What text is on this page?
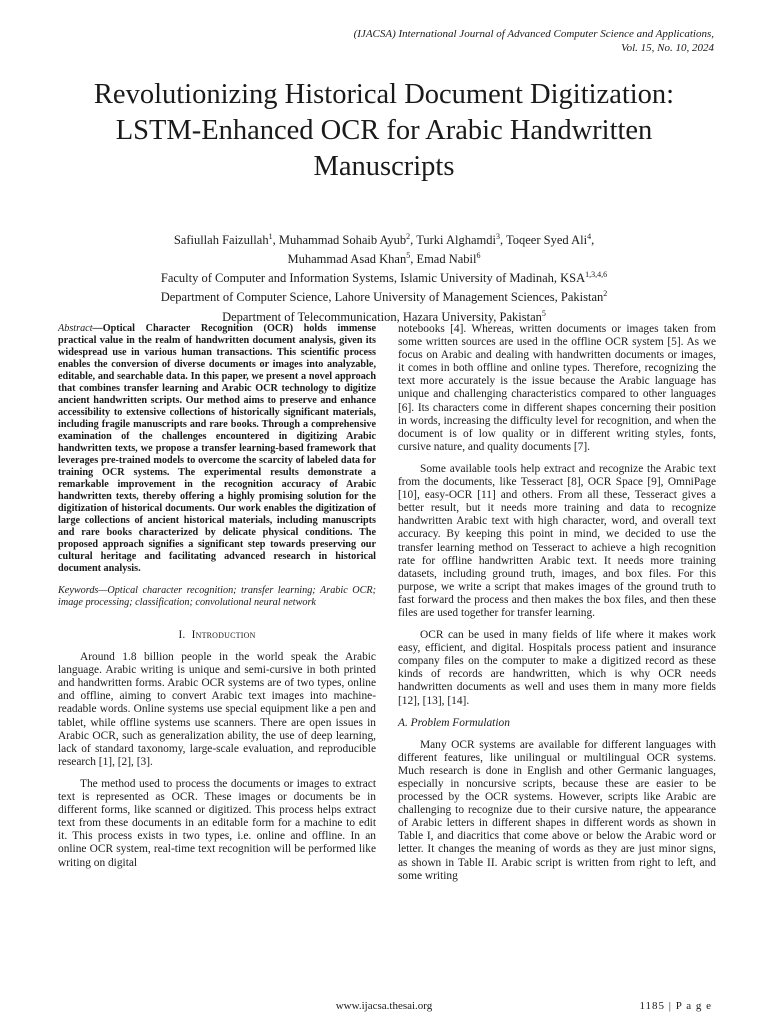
(IJACSA) International Journal of Advanced Computer Science and Applications,
Vol. 15, No. 10, 2024
Revolutionizing Historical Document Digitization:
LSTM-Enhanced OCR for Arabic Handwritten
Manuscripts
Safiullah Faizullah$^1$, Muhammad Sohaib Ayub$^2$, Turki Alghamdi$^3$, Toqeer Syed Ali$^4$,
Muhammad Asad Khan$^5$, Emad Nabil$^6$
Faculty of Computer and Information Systems, Islamic University of Madinah, KSA$^{1,3,4,6}$
Department of Computer Science, Lahore University of Management Sciences, Pakistan$^2$
Department of Telecommunication, Hazara University, Pakistan$^5$

Abstract—Optical Character Recognition (OCR) holds immense practical value in the realm of handwritten document analysis, given its widespread use in various human transactions. This scientific process enables the conversion of diverse documents or images into analyzable, editable, and searchable data. In this paper, we present a novel approach that combines transfer learning and Arabic OCR technology to digitize ancient handwritten scripts. Our method aims to preserve and enhance accessibility to extensive collections of historically significant materials, including fragile manuscripts and rare books. Through a comprehensive examination of the challenges encountered in digitizing Arabic handwritten texts, we propose a transfer learning-based framework that leverages pre-trained models to overcome the scarcity of labeled data for training OCR systems. The experimental results demonstrate a remarkable improvement in the recognition accuracy of Arabic handwritten texts, thereby offering a highly promising solution for the digitization of historical documents. Our work enables the digitization of large collections of ancient historical materials, including manuscripts and rare books characterized by delicate physical conditions. The proposed approach signifies a significant step towards preserving our cultural heritage and facilitating advanced research in historical document analysis.

Keywords—Optical character recognition; transfer learning; Arabic OCR; image processing; classification; convolutional neural network

I. Introduction

Around 1.8 billion people in the world speak the Arabic language. Arabic writing is unique and semi-cursive in both printed and handwritten forms. Arabic OCR systems are of two types, online and offline, aiming to convert Arabic text images into machine-readable words. Online systems use special equipment like a pen and tablet, while offline systems use scanners. There are open issues in Arabic OCR, such as generalization ability, the use of deep learning, lack of standard taxonomy, large-scale evaluation, and reproducible research [1], [2], [3].

The method used to process the documents or images to extract text is represented as OCR. These images or documents be in different forms, like scanned or digitized. This process helps extract text from these documents in an editable form for a machine to edit it. This process exists in two types, i.e. online and offline. In an online OCR system, real-time text recognition will be performed like writing on digital

notebooks [4]. Whereas, written documents or images taken from some written sources are used in the offline OCR system [5]. As we focus on Arabic and dealing with handwritten documents or images, it comes in both offline and online types. Therefore, recognizing the text more accurately is the issue because the Arabic language has unique and challenging characteristics compared to other languages [6]. Its characters come in different shapes concerning their position in words, increasing the difficulty level for recognition, and when the document is of low quality or in different writing styles, fonts, cursive nature, and quality documents [7].

Some available tools help extract and recognize the Arabic text from the documents, like Tesseract [8], OCR Space [9], OmniPage [10], easy-OCR [11] and others. From all these, Tesseract gives a better result, but it needs more training and data to recognize handwritten Arabic text with high character, word, and overall text accuracy. By keeping this point in mind, we decided to use the transfer learning method on Tesseract to achieve a high recognition rate for offline handwritten Arabic text. It needs more training datasets, including ground truth, images, and box files. For this purpose, we write a script that makes images of the ground truth to fast forward the process and then makes the box files, and then these files are used together for transfer learning.

OCR can be used in many fields of life where it makes work easy, efficient, and digital. Hospitals process patient and insurance company files on the computer to make a digitized record as these kinds of records are handwritten, which is why OCR needs handwritten documents as well and uses them in many more fields [12], [13], [14].

A. Problem Formulation

Many OCR systems are available for different languages with different features, like unilingual or multilingual OCR systems. Much research is done in English and other Germanic languages, especially in noncursive scripts, because these are easier to be processed by the OCR systems. However, scripts like Arabic are challenging to recognize due to their cursive nature, the appearance of Arabic letters in different shapes in different words as shown in Table I, and diacritics that come above or below the Arabic word or letter. It changes the meaning of words as they are just minor signs, as shown in Table II. Arabic script is written from right to left, and some writing

www.ijacsa.thesai.org	1185 | P a g e
